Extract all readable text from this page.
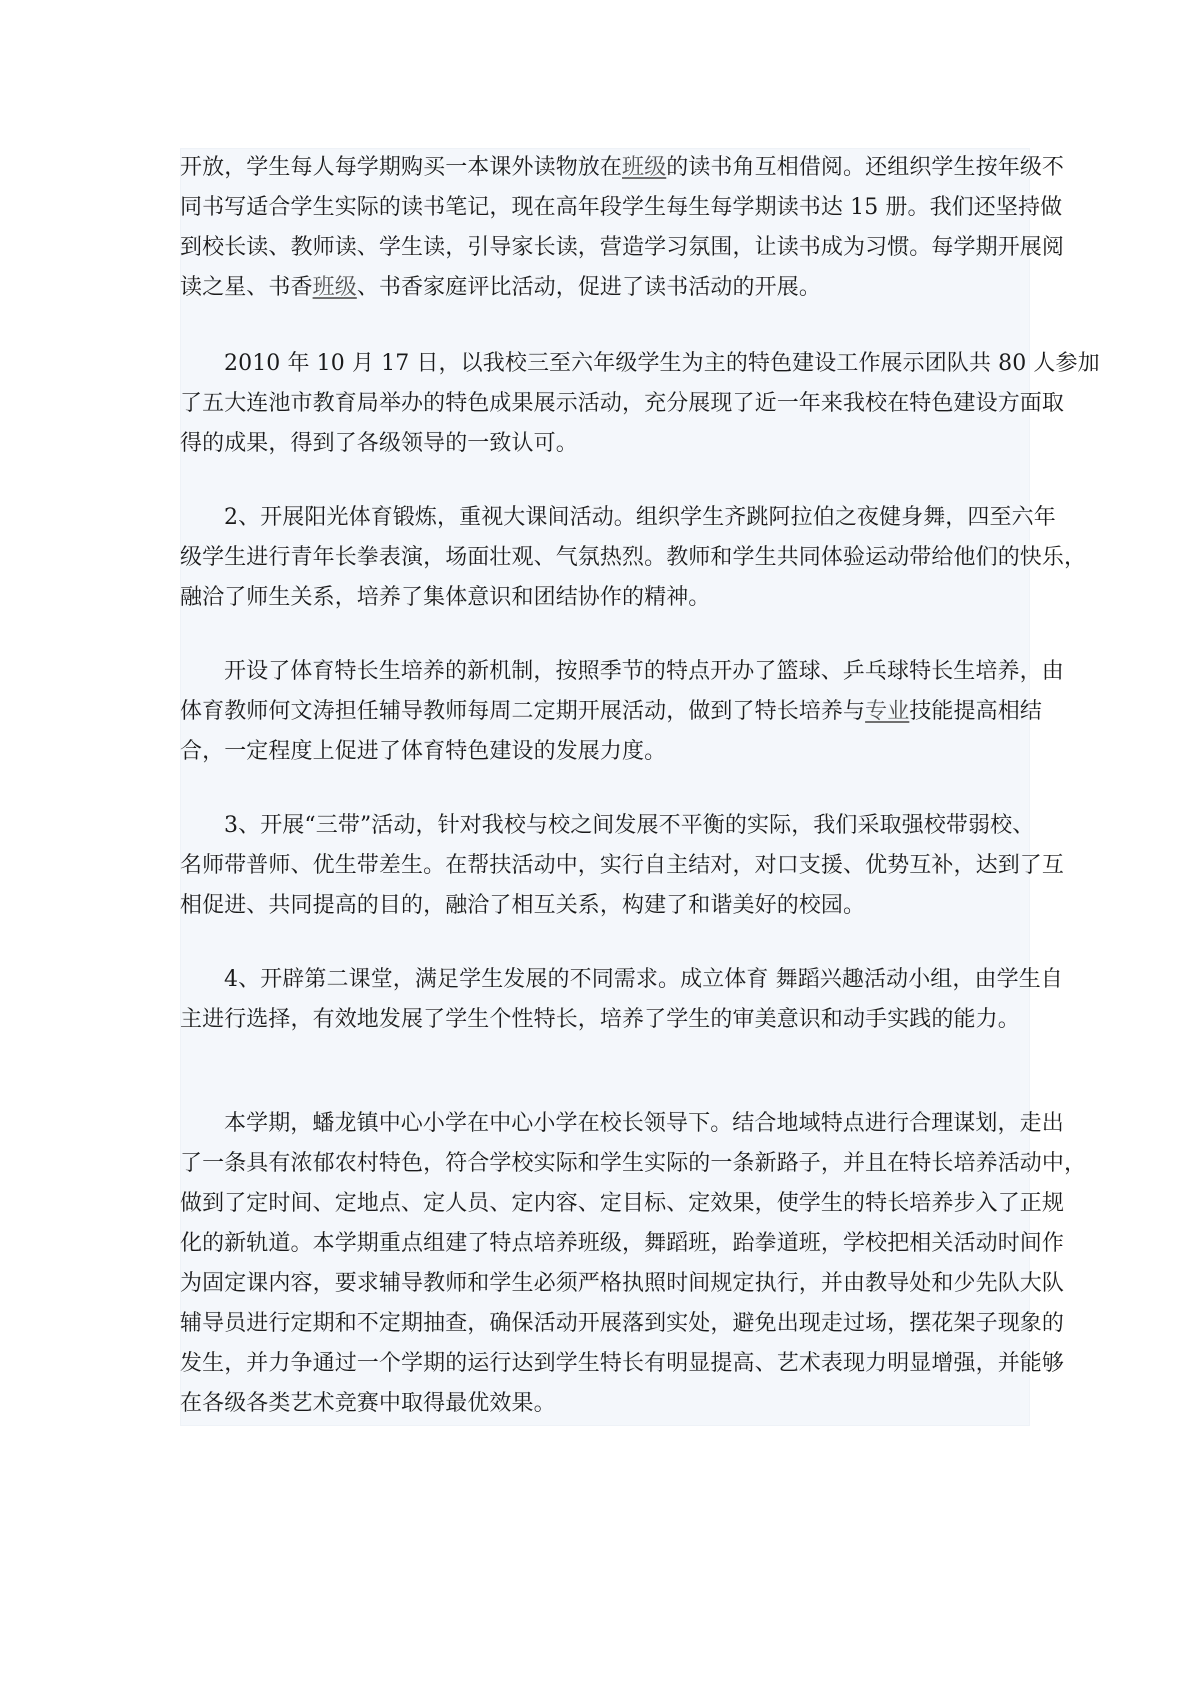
开放，学生每人每学期购买一本课外读物放在班级的读书角互相借阅。还组织学生按年级不
同书写适合学生实际的读书笔记，现在高年段学生每生每学期读书达 15 册。我们还坚持做
到校长读、教师读、学生读，引导家长读，营造学习氛围，让读书成为习惯。每学期开展阅
读之星、书香班级、书香家庭评比活动，促进了读书活动的开展。
2010 年 10 月 17 日，以我校三至六年级学生为主的特色建设工作展示团队共 80 人参加
了五大连池市教育局举办的特色成果展示活动，充分展现了近一年来我校在特色建设方面取
得的成果，得到了各级领导的一致认可。
2、开展阳光体育锻炼，重视大课间活动。组织学生齐跳阿拉伯之夜健身舞，四至六年
级学生进行青年长拳表演，场面壮观、气氛热烈。教师和学生共同体验运动带给他们的快乐，
融洽了师生关系，培养了集体意识和团结协作的精神。
开设了体育特长生培养的新机制，按照季节的特点开办了篮球、乒乓球特长生培养，由
体育教师何文涛担任辅导教师每周二定期开展活动，做到了特长培养与专业技能提高相结
合，一定程度上促进了体育特色建设的发展力度。
3、开展“三带”活动，针对我校与校之间发展不平衡的实际，我们采取强校带弱校、
名师带普师、优生带差生。在帮扶活动中，实行自主结对，对口支援、优势互补，达到了互
相促进、共同提高的目的，融洽了相互关系，构建了和谐美好的校园。
4、开辟第二课堂，满足学生发展的不同需求。成立体育 舞蹈兴趣活动小组，由学生自
主进行选择，有效地发展了学生个性特长，培养了学生的审美意识和动手实践的能力。
本学期，蟠龙镇中心小学在中心小学在校长领导下。结合地域特点进行合理谋划，走出
了一条具有浓郁农村特色，符合学校实际和学生实际的一条新路子，并且在特长培养活动中，
做到了定时间、定地点、定人员、定内容、定目标、定效果，使学生的特长培养步入了正规
化的新轨道。本学期重点组建了特点培养班级，舞蹈班，跆拳道班，学校把相关活动时间作
为固定课内容，要求辅导教师和学生必须严格执照时间规定执行，并由教导处和少先队大队
辅导员进行定期和不定期抽查，确保活动开展落到实处，避免出现走过场，摆花架子现象的
发生，并力争通过一个学期的运行达到学生特长有明显提高、艺术表现力明显增强，并能够
在各级各类艺术竞赛中取得最优效果。
